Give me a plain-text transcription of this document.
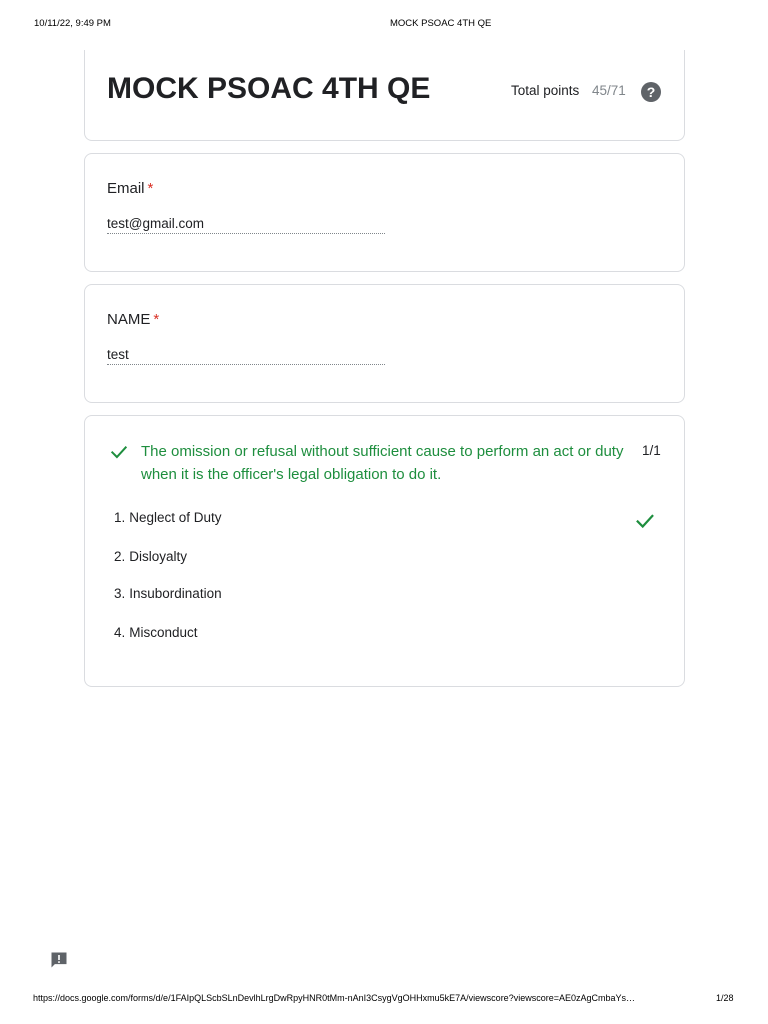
10/11/22, 9:49 PM	MOCK PSOAC 4TH QE
MOCK PSOAC 4TH QE	Total points 45/71	?
Email *
test@gmail.com
NAME *
test
The omission or refusal without sufficient cause to perform an act or duty when it is the officer's legal obligation to do it.
1/1
1. Neglect of Duty
2. Disloyalty
3. Insubordination
4. Misconduct
https://docs.google.com/forms/d/e/1FAIpQLScbSLnDevlhLrgDwRpyHNR0tMm-nAnI3CsygVgOHHxmu5kE7A/viewscore?viewscore=AE0zAgCmbaYs…	1/28
